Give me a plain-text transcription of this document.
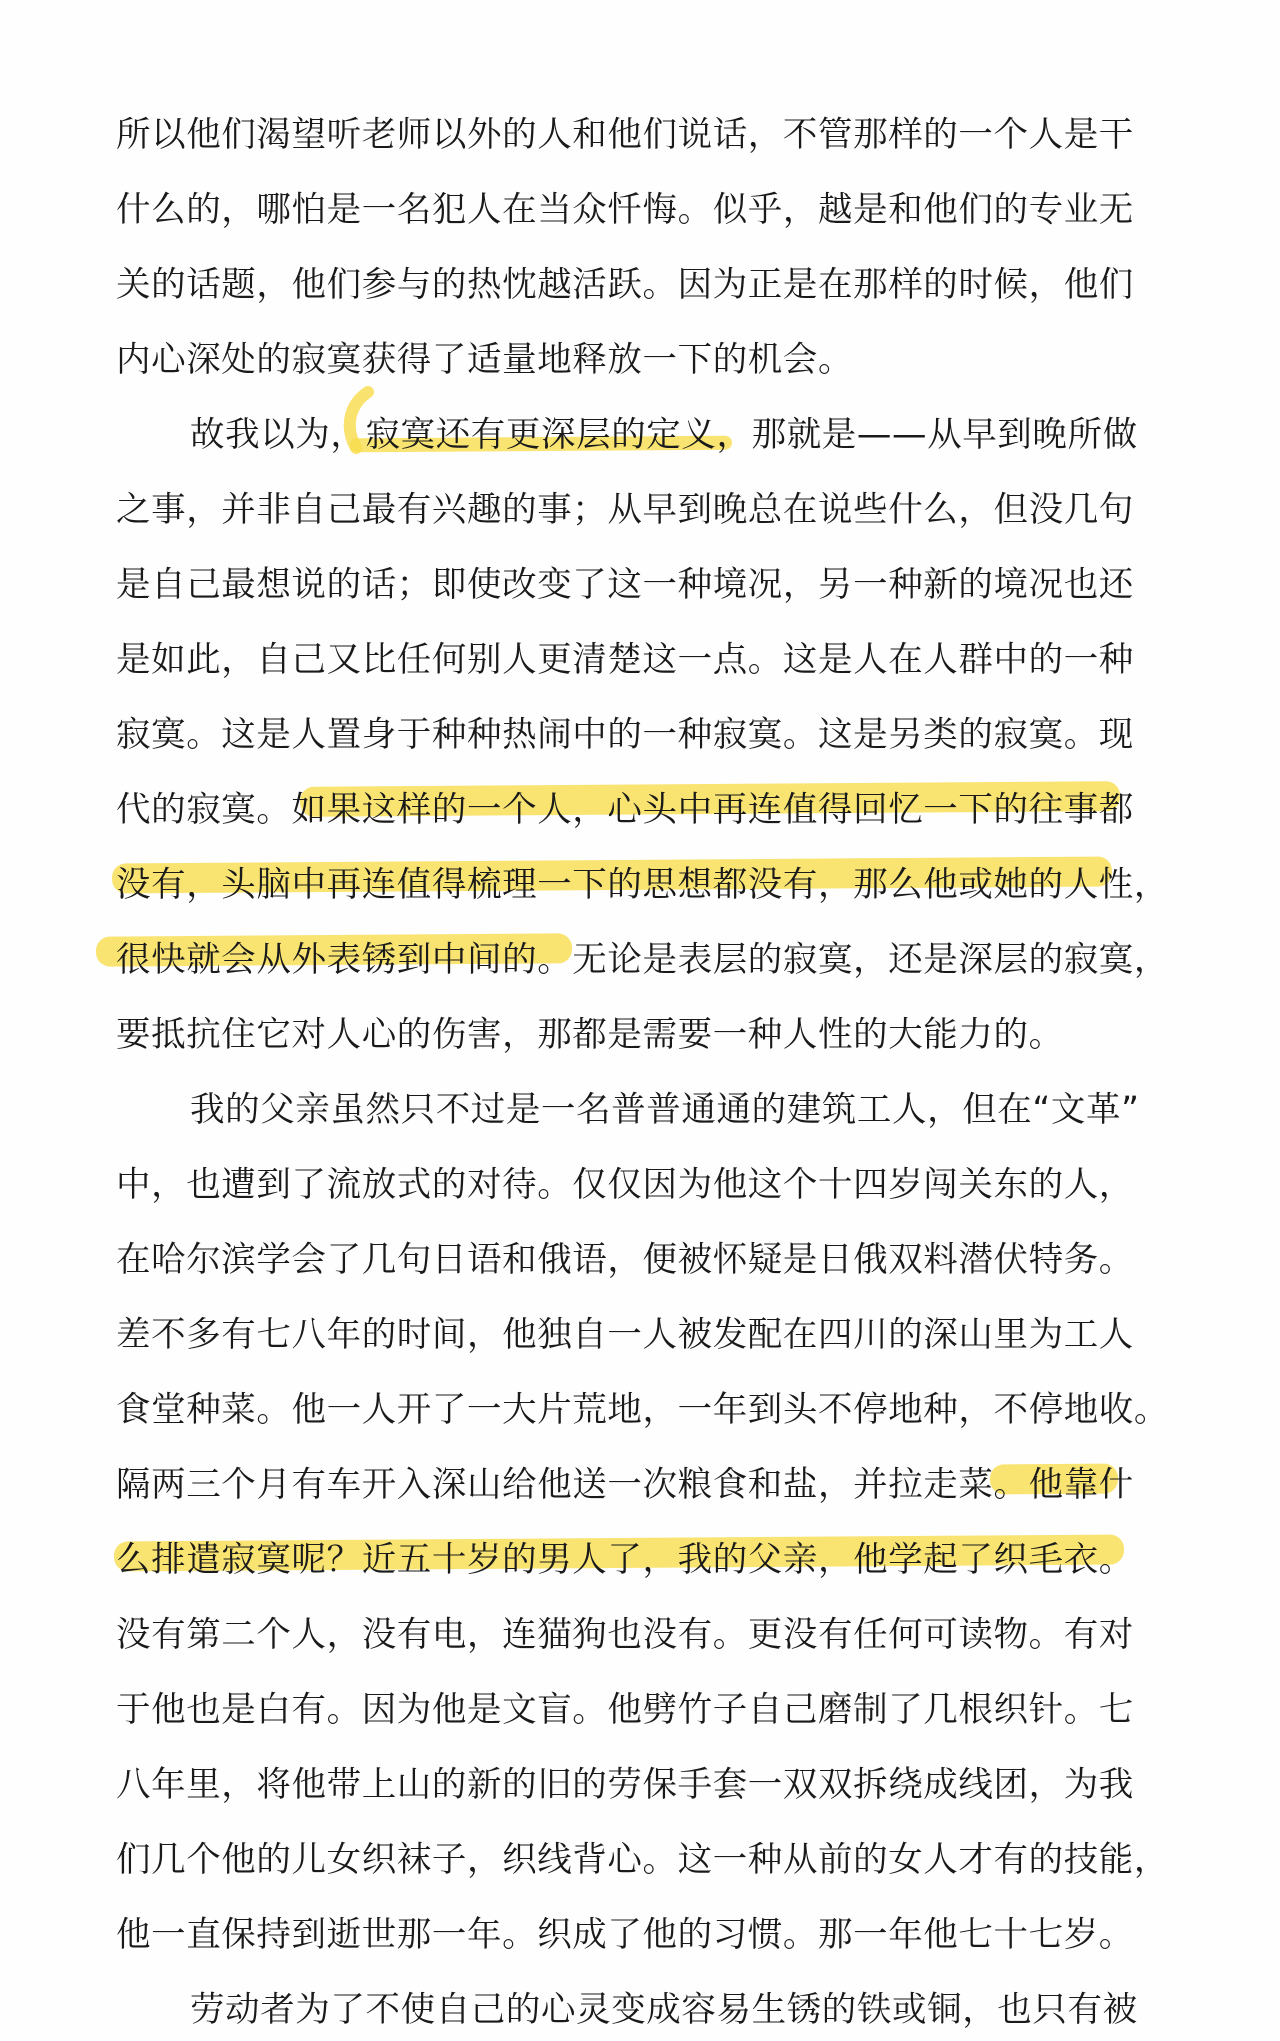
所以他们渴望听老师以外的人和他们说话，不管那样的一个人是干
什么的，哪怕是一名犯人在当众忏悔。似乎，越是和他们的专业无
关的话题，他们参与的热忱越活跃。因为正是在那样的时候，他们
内心深处的寂寞获得了适量地释放一下的机会。
故我以为，寂寞还有更深层的定义，那就是——从早到晚所做
之事，并非自己最有兴趣的事；从早到晚总在说些什么，但没几句
是自己最想说的话；即使改变了这一种境况，另一种新的境况也还
是如此，自己又比任何别人更清楚这一点。这是人在人群中的一种
寂寞。这是人置身于种种热闹中的一种寂寞。这是另类的寂寞。现
代的寂寞。如果这样的一个人，心头中再连值得回忆一下的往事都
没有，头脑中再连值得梳理一下的思想都没有，那么他或她的人性，
很快就会从外表锈到中间的。无论是表层的寂寞，还是深层的寂寞，
要抵抗住它对人心的伤害，那都是需要一种人性的大能力的。
我的父亲虽然只不过是一名普普通通的建筑工人，但在“文革”
中，也遭到了流放式的对待。仅仅因为他这个十四岁闯关东的人，
在哈尔滨学会了几句日语和俄语，便被怀疑是日俄双料潜伏特务。
差不多有七八年的时间，他独自一人被发配在四川的深山里为工人
食堂种菜。他一人开了一大片荒地，一年到头不停地种，不停地收。
隔两三个月有车开入深山给他送一次粮食和盐，并拉走菜。他靠什
么排遣寂寞呢？近五十岁的男人了，我的父亲，他学起了织毛衣。
没有第二个人，没有电，连猫狗也没有。更没有任何可读物。有对
于他也是白有。因为他是文盲。他劈竹子自己磨制了几根织针。七
八年里，将他带上山的新的旧的劳保手套一双双拆绕成线团，为我
们几个他的儿女织袜子，织线背心。这一种从前的女人才有的技能，
他一直保持到逝世那一年。织成了他的习惯。那一年他七十七岁。
劳动者为了不使自己的心灵变成容易生锈的铁或铜，也只有被
